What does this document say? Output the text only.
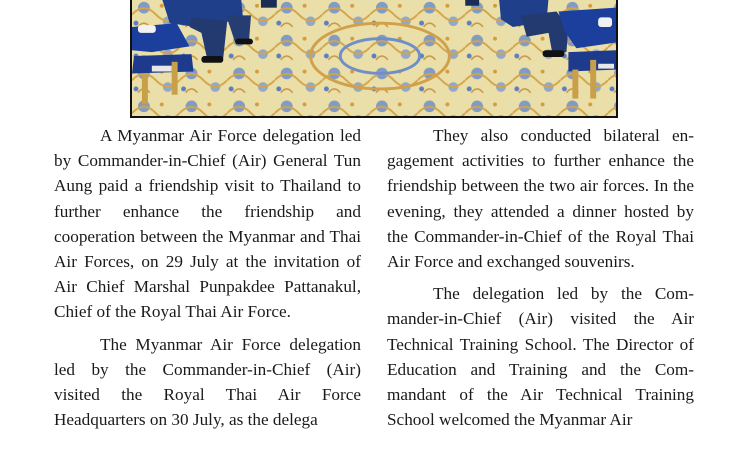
A Myanmar Air Force delegation led by Commander-in-Chief (Air) General Tun Aung paid a friendship visit to Thailand to further enhance the friendship and cooperation between the Myanmar and Thai Air Forces, on 29 July at the invitation of Air Chief Marshal Punpakdee Pattanakul, Chief of the Royal Thai Air Force.

The Myanmar Air Force delegation led by the Commander-in-Chief (Air) visited the Royal Thai Air Force Headquarters on 30 July, as the delega

They also conducted bilateral engagement activities to further enhance the friendship between the two air forces. In the evening, they attended a dinner hosted by the Commander-in-Chief of the Royal Thai Air Force and exchanged souvenirs.

The delegation led by the Commander-in-Chief (Air) visited the Air Technical Training School. The Director of Education and Training and the Commandant of the Air Technical Training School welcomed the Myanmar Air
